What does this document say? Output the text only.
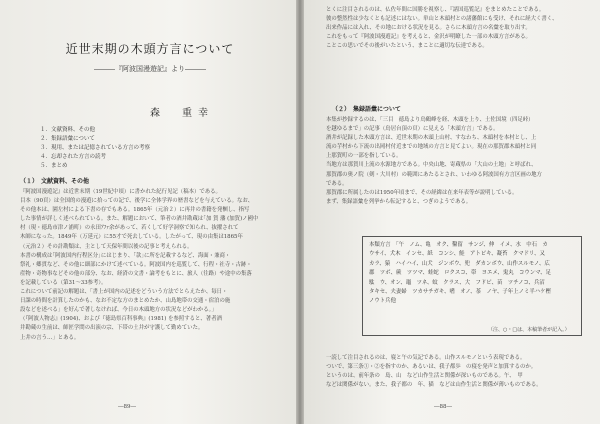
近世末期の木頭方言について
―――『阿波国漫遊記』より―――
森　重幸
１．文献資料、その他
２．集録語彙について
３．現用、または記憶されている方言の考察
４．忘却された方言の読考
５．まとめ
（１）　文献資料、その他

『阿波国漫遊記』は近世末期（19世紀中頃）に書かれた紀行见記（稿本）である。

目本（90頁）は全国的の漫遊に拾っての記で、後学に全体学界の歴書などを与えている。なお、

その他本は、園左村による下書の存でもある。1865年（元治２）に再井の書籍を発梱し、指写

した事情が詳しく述べられている。また、解題において、筆者の酒井勘蔵は｢加 賀 藩 (加賀)ノ國中

村（現・徳島市津ノ浦町）の永田ｱﾌｧ余があって、若くして好学洞察で知られ、抜擢されて

木師になった。1849年（万延元）に55才で死去している。したがって、現の由集は1865年

（元治２）その計勘類は、主として天保年間以後の記事と考えられる。

本書の構成は｢阿波国内行程区分｣にはじまり、｢款｣に所を記載するなど、海面・兼商・

祭礼・郷貫など、その他に細部にかけて述べている。阿波国内を巡覧して、行程・社寺・古跡・

産物・奇物事などその他の部分、なお、経済の文書・論考をもとに、旅人（往路）や途中の集落

を記載している（第31～33参考）。

これについて前記の解題は、「書上が国内の記述をどういう方法でとらえたか、毎日・

日課の時間を計算したのかも、なお不定な方のまとめたか、山島地帯の交通・宿泊の施

設などを述べる」を好んで著しなければ、今日の木頭地方の状況などがわかる。」

（『阿波人物志』(1904)、および『徳島県百科事典』(1981) を参照すると、著者酒

井勘蔵の生前は、師匠学問の出演の宗、下帯の土井が守護して勤めていた。

上井の言う…」とある。

―89―

とくに注目されるのは、仏佐年間に国勝を視察し、『諸国巡覧記』をまとめたことである。

彼の整然性は少なくとも記述にはない。単山と木頭村との諸藩館にも受け、それに経大く書く、

出来作品には入れ、その地における状況を見る。さらに木頭方言の名彙を取り出す。

これをもって『阿波国漫遊記』を考えると、金沢が明瞭した一部の木頭方言がある。

ことこの思いでその後がいたという、まことに適切な伝達である。

（２）　集録語彙について

本集が抄録するのは、「三目　徳島より鳥鶴峰を経、木頭を上り、土佐国境（四足峠）

を越ゆるまで」の記事（鳥居台頂の頁）に見える「木頭方言」である。

酒井が記録した木頭方言は、近世末期の木頭上山村、すなわち、木頭村を本村とし、上

流の芋村から下流の出岡村付近までの地域の方言と見てよい。現在の那賀郡木頭村と同

上那賀町の一部を指している。

当地方は那賀川上流の水源地方である。中央山地、寄蔵県の「大山の土地」と呼ばれ、

那賀郡の奥ノ院（剣・大川村）の範囲にあたるとされ、いわゆる阿波国有方言区画の地方

である。

那賀郡に所属したのは1950年頃まで、その経緯は在来年表等が説明している。

まず、集録語彙を列挙から転記すると、つぎのようである。

本類方言　「午　ノム、亀　オク、鑿留　サンジ、伸　イメ、水　中石　カ

ウサイ、犬木　インセ、紙　コンシ、鮭　アトビキ、凝苔　クマドリ、又

カラ、猿　ハイハイ、山犬　ジンボウ、兜　ダカンボウ、山作スルモノ、広

郡　ツボ、蕨　ツツマ、蛙蛇　ロクスコ、帯　ヨエメ、鬼丸　コウンマ、足

駄　ウ、オン、竈　ツネ、蚊　クラス、大　フドビ、苗　ツチノコ、兵沼

タキセ、夫妻婦　ツカサチガキ、嗜　オノ、茶　ノヤ、子年上ノミ半ハケ樫

ノウト兵他

（注、○・□は、本稿筆者が記入。）

一読して注目されるのは、寝と午の気記である。山作スルモノという表現である。

ついで、第三条①・②を指すのか、あるいは、我子都歩　の寝を発声と加算するのか。

というのは、前年条の　島、山　など山作生活と関係が深いものである。午、　甲　

などは関係がない。また、我子都の　年、猫　などは山作生活と関係が薄いものである。

―88―
